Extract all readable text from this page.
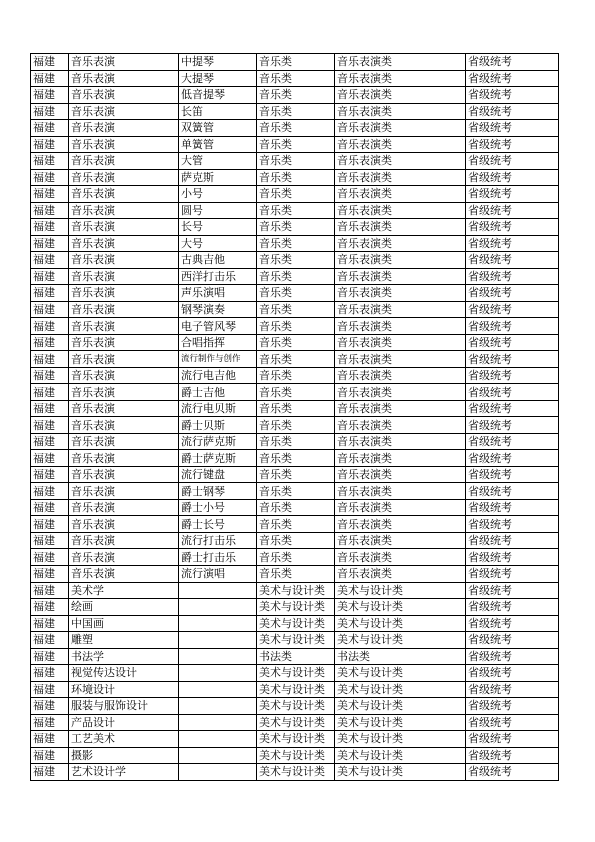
福建	音乐表演	中提琴	音乐类	音乐表演类	省级统考
福建	音乐表演	大提琴	音乐类	音乐表演类	省级统考
福建	音乐表演	低音提琴	音乐类	音乐表演类	省级统考
福建	音乐表演	长笛	音乐类	音乐表演类	省级统考
福建	音乐表演	双簧管	音乐类	音乐表演类	省级统考
福建	音乐表演	单簧管	音乐类	音乐表演类	省级统考
福建	音乐表演	大管	音乐类	音乐表演类	省级统考
福建	音乐表演	萨克斯	音乐类	音乐表演类	省级统考
福建	音乐表演	小号	音乐类	音乐表演类	省级统考
福建	音乐表演	圆号	音乐类	音乐表演类	省级统考
福建	音乐表演	长号	音乐类	音乐表演类	省级统考
福建	音乐表演	大号	音乐类	音乐表演类	省级统考
福建	音乐表演	古典吉他	音乐类	音乐表演类	省级统考
福建	音乐表演	西洋打击乐	音乐类	音乐表演类	省级统考
福建	音乐表演	声乐演唱	音乐类	音乐表演类	省级统考
福建	音乐表演	钢琴演奏	音乐类	音乐表演类	省级统考
福建	音乐表演	电子管风琴	音乐类	音乐表演类	省级统考
福建	音乐表演	合唱指挥	音乐类	音乐表演类	省级统考
福建	音乐表演	流行制作与创作	音乐类	音乐表演类	省级统考
福建	音乐表演	流行电吉他	音乐类	音乐表演类	省级统考
福建	音乐表演	爵士吉他	音乐类	音乐表演类	省级统考
福建	音乐表演	流行电贝斯	音乐类	音乐表演类	省级统考
福建	音乐表演	爵士贝斯	音乐类	音乐表演类	省级统考
福建	音乐表演	流行萨克斯	音乐类	音乐表演类	省级统考
福建	音乐表演	爵士萨克斯	音乐类	音乐表演类	省级统考
福建	音乐表演	流行键盘	音乐类	音乐表演类	省级统考
福建	音乐表演	爵士钢琴	音乐类	音乐表演类	省级统考
福建	音乐表演	爵士小号	音乐类	音乐表演类	省级统考
福建	音乐表演	爵士长号	音乐类	音乐表演类	省级统考
福建	音乐表演	流行打击乐	音乐类	音乐表演类	省级统考
福建	音乐表演	爵士打击乐	音乐类	音乐表演类	省级统考
福建	音乐表演	流行演唱	音乐类	音乐表演类	省级统考
福建	美术学		美术与设计类	美术与设计类	省级统考
福建	绘画		美术与设计类	美术与设计类	省级统考
福建	中国画		美术与设计类	美术与设计类	省级统考
福建	雕塑		美术与设计类	美术与设计类	省级统考
福建	书法学		书法类	书法类	省级统考
福建	视觉传达设计		美术与设计类	美术与设计类	省级统考
福建	环境设计		美术与设计类	美术与设计类	省级统考
福建	服装与服饰设计		美术与设计类	美术与设计类	省级统考
福建	产品设计		美术与设计类	美术与设计类	省级统考
福建	工艺美术		美术与设计类	美术与设计类	省级统考
福建	摄影		美术与设计类	美术与设计类	省级统考
福建	艺术设计学		美术与设计类	美术与设计类	省级统考
